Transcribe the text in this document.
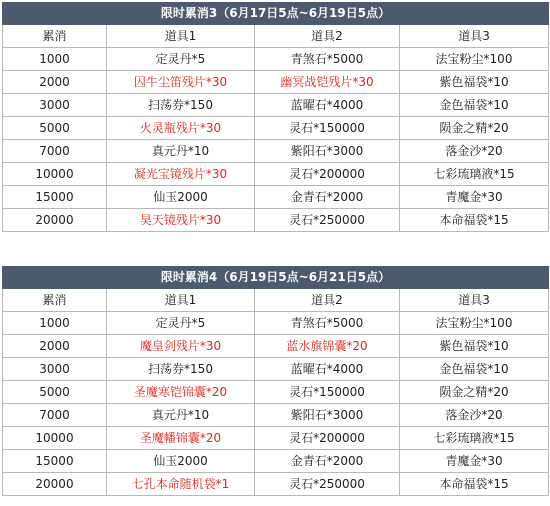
限时累消3（6月17日5点~6月19日5点）			
累消	道具1	道具2	道具3
1000	定灵丹*5	青煞石*5000	法宝粉尘*100
2000	囚牛尘笛残片*30	幽冥战铠残片*30	紫色福袋*10
3000	扫荡券*150	蓝曜石*4000	金色福袋*10
5000	火灵瓶残片*30	灵石*150000	陨金之精*20
7000	真元丹*10	紫阳石*3000	落金沙*20
10000	凝光宝镜残片*30	灵石*200000	七彩琉璃液*15
15000	仙玉2000	金青石*2000	青魔金*30
20000	昊天镜残片*30	灵石*250000	本命福袋*15
限时累消4（6月19日5点~6月21日5点）			
累消	道具1	道具2	道具3
1000	定灵丹*5	青煞石*5000	法宝粉尘*100
2000	魔皇剑残片*30	蓝水旗锦囊*20	紫色福袋*10
3000	扫荡券*150	蓝曜石*4000	金色福袋*10
5000	圣魔寒铠锦囊*20	灵石*150000	陨金之精*20
7000	真元丹*10	紫阳石*3000	落金沙*20
10000	圣魔幡锦囊*20	灵石*200000	七彩琉璃液*15
15000	仙玉2000	金青石*2000	青魔金*30
20000	七孔本命随机袋*1	灵石*250000	本命福袋*15
